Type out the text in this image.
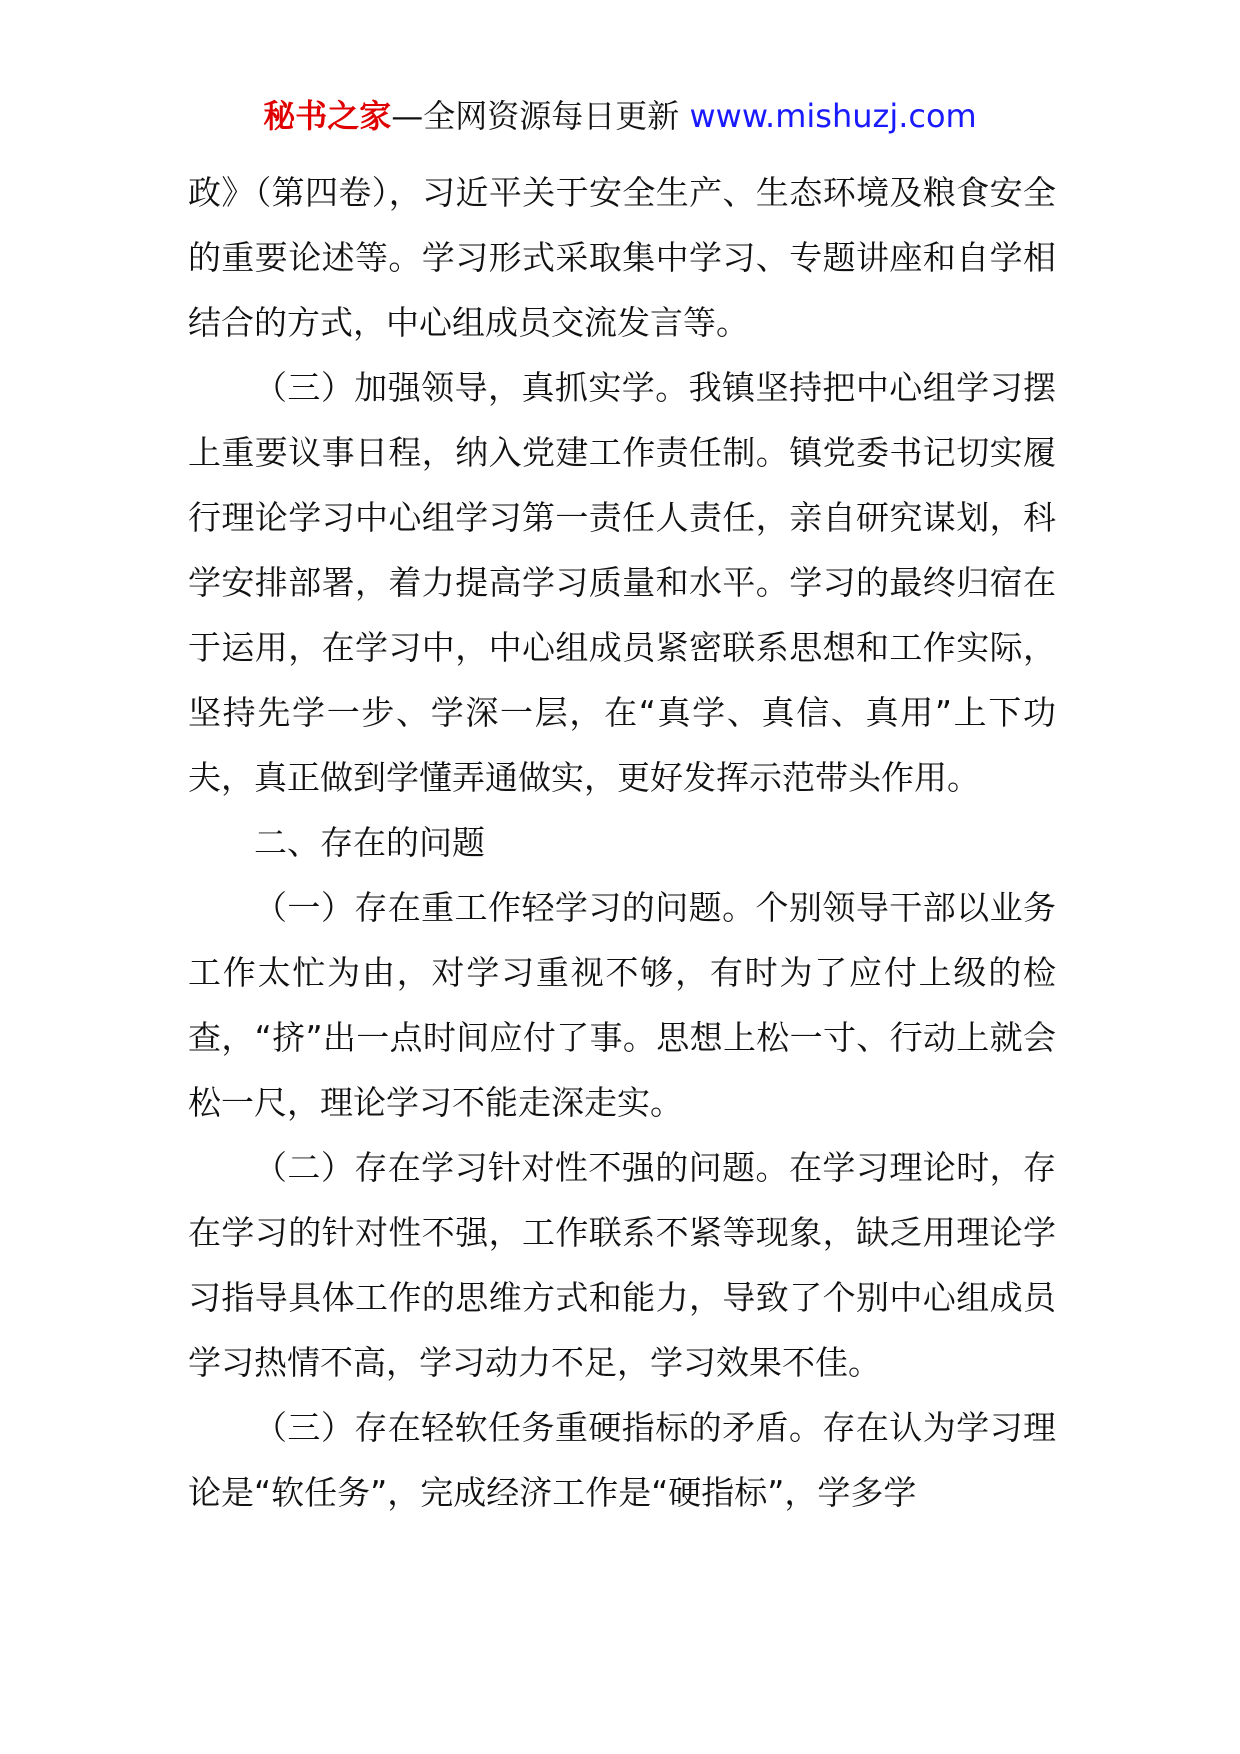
秘书之家—全网资源每日更新 www.mishuzj.com

政》（第四卷），习近平关于安全生产、生态环境及粮食安全的重要论述等。学习形式采取集中学习、专题讲座和自学相结合的方式，中心组成员交流发言等。

（三）加强领导，真抓实学。我镇坚持把中心组学习摆上重要议事日程，纳入党建工作责任制。镇党委书记切实履行理论学习中心组学习第一责任人责任，亲自研究谋划，科学安排部署，着力提高学习质量和水平。学习的最终归宿在于运用，在学习中，中心组成员紧密联系思想和工作实际，坚持先学一步、学深一层，在“真学、真信、真用”上下功夫，真正做到学懂弄通做实，更好发挥示范带头作用。

二、存在的问题

（一）存在重工作轻学习的问题。个别领导干部以业务工作太忙为由，对学习重视不够，有时为了应付上级的检查，“挤”出一点时间应付了事。思想上松一寸、行动上就会松一尺，理论学习不能走深走实。

（二）存在学习针对性不强的问题。在学习理论时，存在学习的针对性不强，工作联系不紧等现象，缺乏用理论学习指导具体工作的思维方式和能力，导致了个别中心组成员学习热情不高，学习动力不足，学习效果不佳。

（三）存在轻软任务重硬指标的矛盾。存在认为学习理论是“软任务”，完成经济工作是“硬指标”，学多学
